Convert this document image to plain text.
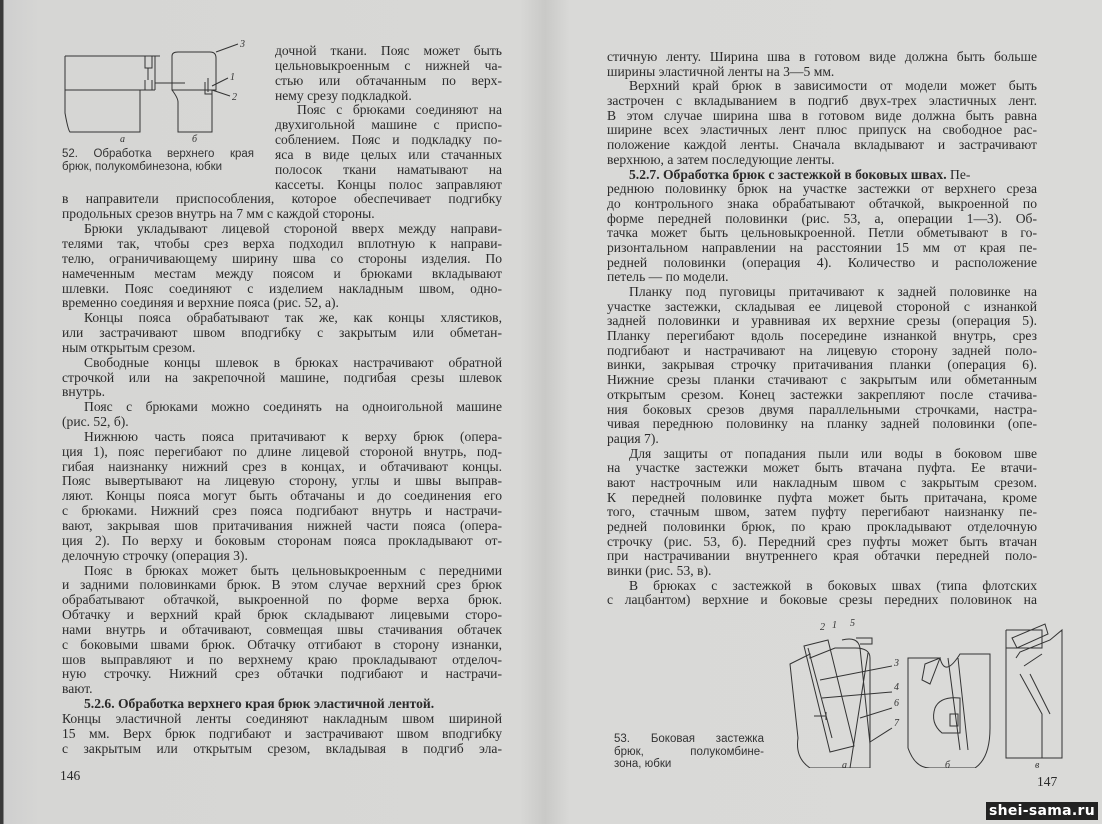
а	б
3
1
2
52. Обработка верхнего края
брюк, полукомбинезона, юбки
дочной ткани. Пояс может быть
цельновыкроенным с нижней ча-
стью или обтачанным по верх-
нему срезу подкладкой.
Пояс с брюками соединяют на
двухигольной машине с приспо-
соблением. Пояс и подкладку по-
яса в виде целых или стачанных
полосок ткани наматывают на
кассеты. Концы полос заправляют
в направители приспособления, которое обеспечивает подгибку
продольных срезов внутрь на 7 мм с каждой стороны.
Брюки укладывают лицевой стороной вверх между направи-
телями так, чтобы срез верха подходил вплотную к направи-
телю, ограничивающему ширину шва со стороны изделия. По
намеченным местам между поясом и брюками вкладывают
шлевки. Пояс соединяют с изделием накладным швом, одно-
временно соединяя и верхние пояса (рис. 52, а).
Концы пояса обрабатывают так же, как концы хлястиков,
или застрачивают швом вподгибку с закрытым или обметан-
ным открытым срезом.
Свободные концы шлевок в брюках настрачивают обратной
строчкой или на закрепочной машине, подгибая срезы шлевок
внутрь.
Пояс с брюками можно соединять на одноигольной машине
(рис. 52, б).
Нижнюю часть пояса притачивают к верху брюк (опера-
ция 1), пояс перегибают по длине лицевой стороной внутрь, под-
гибая наизнанку нижний срез в концах, и обтачивают концы.
Пояс вывертывают на лицевую сторону, углы и швы выправ-
ляют. Концы пояса могут быть обтачаны и до соединения его
с брюками. Нижний срез пояса подгибают внутрь и настрачи-
вают, закрывая шов притачивания нижней части пояса (опера-
ция 2). По верху и боковым сторонам пояса прокладывают от-
делочную строчку (операция 3).
Пояс в брюках может быть цельновыкроенным с передними
и задними половинками брюк. В этом случае верхний срез брюк
обрабатывают обтачкой, выкроенной по форме верха брюк.
Обтачку и верхний край брюк складывают лицевыми сторо-
нами внутрь и обтачивают, совмещая швы стачивания обтачек
с боковыми швами брюк. Обтачку отгибают в сторону изнанки,
шов выправляют и по верхнему краю прокладывают отделоч-
ную строчку. Нижний срез обтачки подгибают и настрачи-
вают.
5.2.6. Обработка верхнего края брюк эластичной лентой.
Концы эластичной ленты соединяют накладным швом шириной
15 мм. Верх брюк подгибают и застрачивают швом вподгибку
с закрытым или открытым срезом, вкладывая в подгиб эла-
146
стичную ленту. Ширина шва в готовом виде должна быть больше
ширины эластичной ленты на 3—5 мм.
Верхний край брюк в зависимости от модели может быть
застрочен с вкладыванием в подгиб двух-трех эластичных лент.
В этом случае ширина шва в готовом виде должна быть равна
ширине всех эластичных лент плюс припуск на свободное рас-
положение каждой ленты. Сначала вкладывают и застрачивают
верхнюю, а затем последующие ленты.
5.2.7. Обработка брюк с застежкой в боковых швах. Пе-
реднюю половинку брюк на участке застежки от верхнего среза
до контрольного знака обрабатывают обтачкой, выкроенной по
форме передней половинки (рис. 53, а, операции 1—3). Об-
тачка может быть цельновыкроенной. Петли обметывают в го-
ризонтальном направлении на расстоянии 15 мм от края пе-
редней половинки (операция 4). Количество и расположение
петель — по модели.
Планку под пуговицы притачивают к задней половинке на
участке застежки, складывая ее лицевой стороной с изнанкой
задней половинки и уравнивая их верхние срезы (операция 5).
Планку перегибают вдоль посередине изнанкой внутрь, срез
подгибают и настрачивают на лицевую сторону задней поло-
винки, закрывая строчку притачивания планки (операция 6).
Нижние срезы планки стачивают с закрытым или обметанным
открытым срезом. Конец застежки закрепляют после стачива-
ния боковых срезов двумя параллельными строчками, настра-
чивая переднюю половинку на планку задней половинки (опе-
рация 7).
Для защиты от попадания пыли или воды в боковом шве
на участке застежки может быть втачана пуфта. Ее втачи-
вают настрочным или накладным швом с закрытым срезом.
К передней половинке пуфта может быть притачана, кроме
того, стачным швом, затем пуфту перегибают наизнанку пе-
редней половинки брюк, по краю прокладывают отделочную
строчку (рис. 53, б). Передний срез пуфты может быть втачан
при настрачивании внутреннего края обтачки передней поло-
винки (рис. 53, в).
В брюках с застежкой в боковых швах (типа флотских
с лацбантом) верхние и боковые срезы передних половинок на
2 1 5
3
4
6
7
а	б	в
53. Боковая застежка
брюк, полукомбине-
зона, юбки
147
shei-sama.ru
